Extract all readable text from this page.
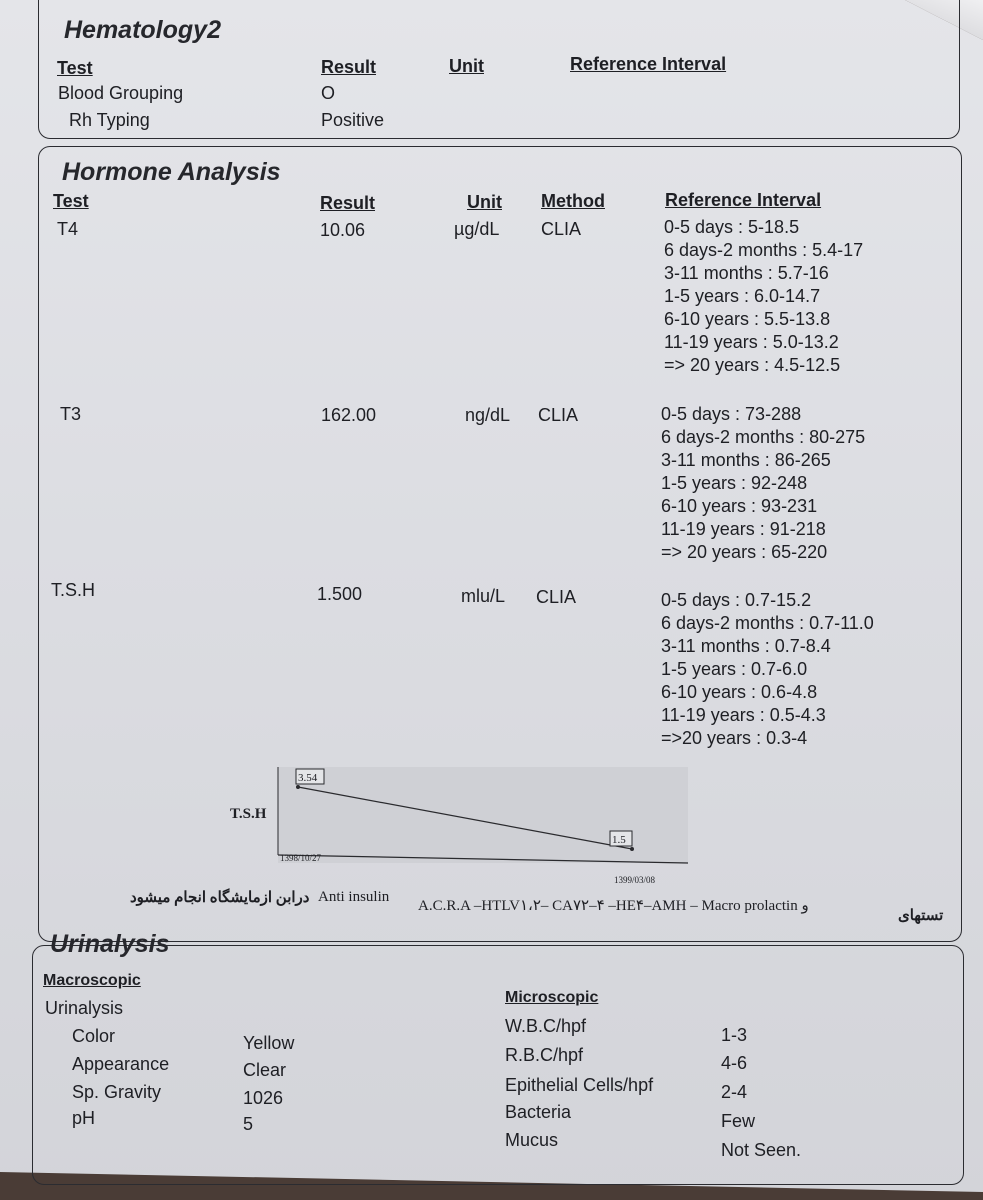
Hematology2
Test	Result	Unit	Reference Interval
Blood Grouping	O
Rh Typing	Positive
Hormone Analysis
Test	Result	Unit Method	Reference Interval
T4	10.06	µg/dL CLIA	0-5 days : 5-18.5
6 days-2 months : 5.4-17
3-11 months : 5.7-16
1-5 years : 6.0-14.7
6-10 years : 5.5-13.8
11-19 years : 5.0-13.2
=> 20 years : 4.5-12.5
T3	162.00	ng/dL CLIA	0-5 days : 73-288
6 days-2 months : 80-275
3-11 months : 86-265
1-5 years : 92-248
6-10 years : 93-231
11-19 years : 91-218
=> 20 years : 65-220
T.S.H	1.500	mlu/L CLIA	0-5 days : 0.7-15.2
6 days-2 months : 0.7-11.0
3-11 months : 0.7-8.4
1-5 years : 0.7-6.0
6-10 years : 0.6-4.8
11-19 years : 0.5-4.3
=>20 years : 0.3-4
T.S.H
3.54
1398/10/27
1.5
1399/03/08
درابن ازمایشگاه انجام میشود Anti insulin
و A.C.R.A –HTLV۱،۲– CA۷۲–۴ –HE۴–AMH – Macro prolactin
تستهای
Urinalysis
Macroscopic
Urinalysis
Color	Yellow
Appearance	Clear
Sp. Gravity	1026
pH	5
Microscopic
W.B.C/hpf	1-3
R.B.C/hpf	4-6
Epithelial Cells/hpf	2-4
Bacteria	Few
Mucus	Not Seen.
